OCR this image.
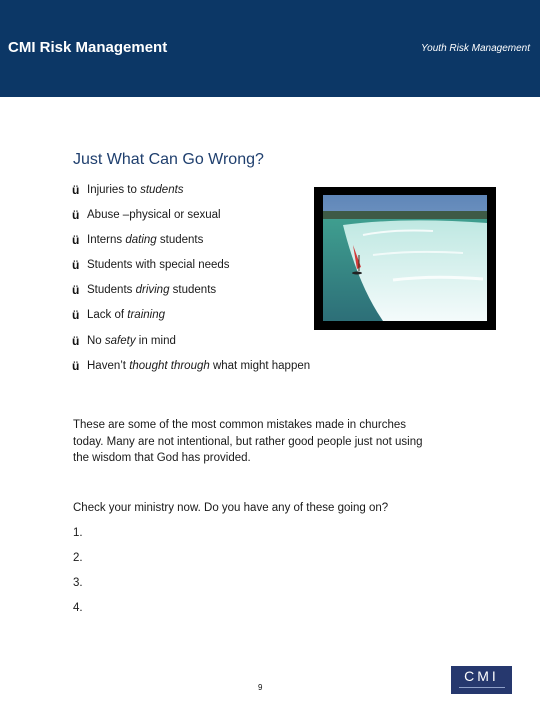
CMI Risk Management	Youth Risk Management
Just What Can Go Wrong?
ü Injuries to students
ü Abuse –physical or sexual
ü Interns dating students
ü Students with special needs
ü Students driving students
ü Lack of training
ü No safety in mind
ü Haven’t thought through what might happen

These are some of the most common mistakes made in churches today. Many are not intentional, but rather good people just not using the wisdom that God has provided.

Check your ministry now. Do you have any of these going on?

1.
2.
3.
4.
9
CMI
